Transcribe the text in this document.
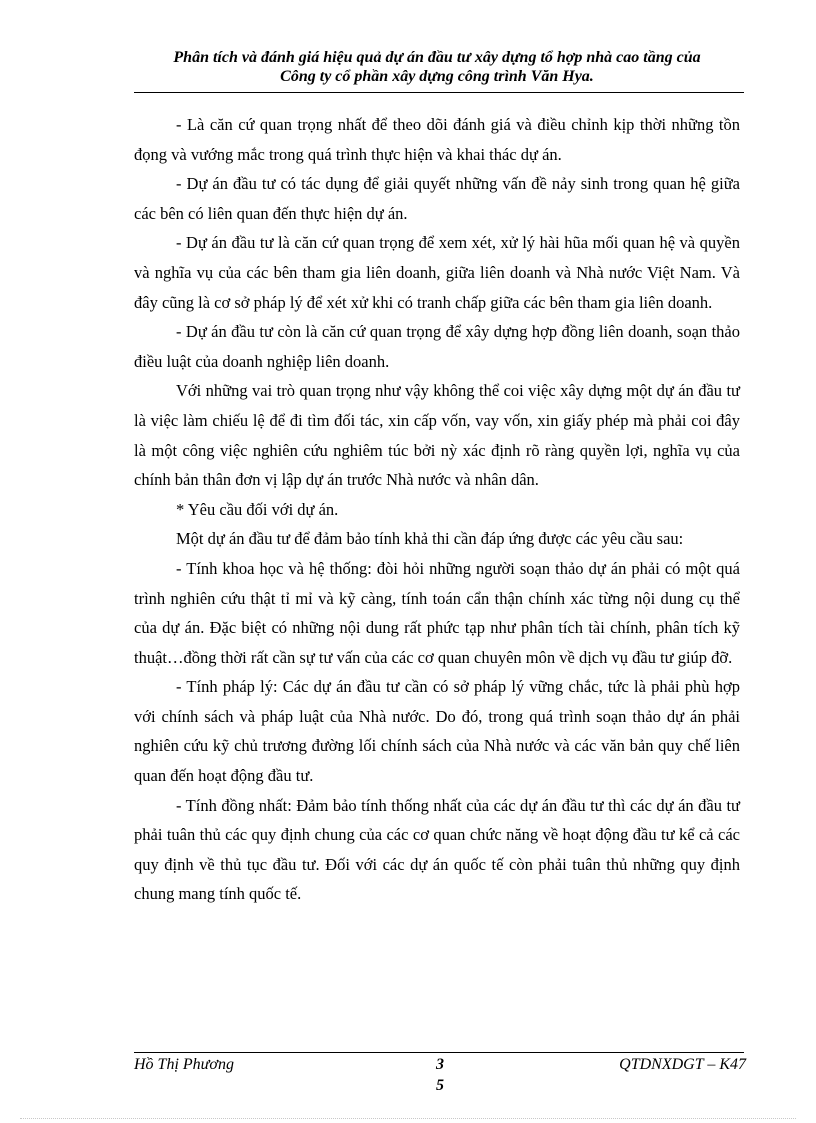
Phân tích và đánh giá hiệu quả dự án đầu tư xây dựng tổ hợp nhà cao tầng của
Công ty cổ phần xây dựng công trình Văn Hya.

- Là căn cứ quan trọng nhất để theo dõi đánh giá và điều chỉnh kịp thời những tồn đọng và vướng mắc trong quá trình thực hiện và khai thác dự án.

- Dự án đầu tư có tác dụng để giải quyết những vấn đề nảy sinh trong quan hệ giữa các bên có liên quan đến thực hiện dự án.

- Dự án đầu tư là căn cứ quan trọng để xem xét, xử lý hài hũa mối quan hệ và quyền và nghĩa vụ của các bên tham gia liên doanh, giữa liên doanh và Nhà nước Việt Nam. Và đây cũng là cơ sở pháp lý để xét xử khi có tranh chấp giữa các bên tham gia liên doanh.

- Dự án đầu tư còn là căn cứ quan trọng để xây dựng hợp đồng liên doanh, soạn thảo điều luật của doanh nghiệp liên doanh.

Với những vai trò quan trọng như vậy không thể coi việc xây dựng một dự án đầu tư là việc làm chiếu lệ để đi tìm đối tác, xin cấp vốn, vay vốn, xin giấy phép mà phải coi đây là một công việc nghiên cứu nghiêm túc bởi nỳ xác định rõ ràng quyền lợi, nghĩa vụ của chính bản thân đơn vị lập dự án trước Nhà nước và nhân dân.

* Yêu cầu đối với dự án.

Một dự án đầu tư để đảm bảo tính khả thi cần đáp ứng được các yêu cầu sau:

- Tính khoa học và hệ thống: đòi hỏi những người soạn thảo dự án phải có một quá trình nghiên cứu thật tỉ mỉ và kỹ càng, tính toán cẩn thận chính xác từng nội dung cụ thể của dự án. Đặc biệt có những nội dung rất phức tạp như phân tích tài chính, phân tích kỹ thuật…đồng thời rất cần sự tư vấn của các cơ quan chuyên môn về dịch vụ đầu tư giúp đỡ.

- Tính pháp lý: Các dự án đầu tư cần có sở pháp lý vững chắc, tức là phải phù hợp với chính sách và pháp luật của Nhà nước. Do đó, trong quá trình soạn thảo dự án phải nghiên cứu kỹ chủ trương đường lối chính sách của Nhà nước và các văn bản quy chế liên quan đến hoạt động đầu tư.

- Tính đồng nhất: Đảm bảo tính thống nhất của các dự án đầu tư thì các dự án đầu tư phải tuân thủ các quy định chung của các cơ quan chức năng về hoạt động đầu tư kể cả các quy định về thủ tục đầu tư. Đối với các dự án quốc tế còn phải tuân thủ những quy định chung mang tính quốc tế.

Hồ Thị Phương	3
5
QTDNXDGT – K47
